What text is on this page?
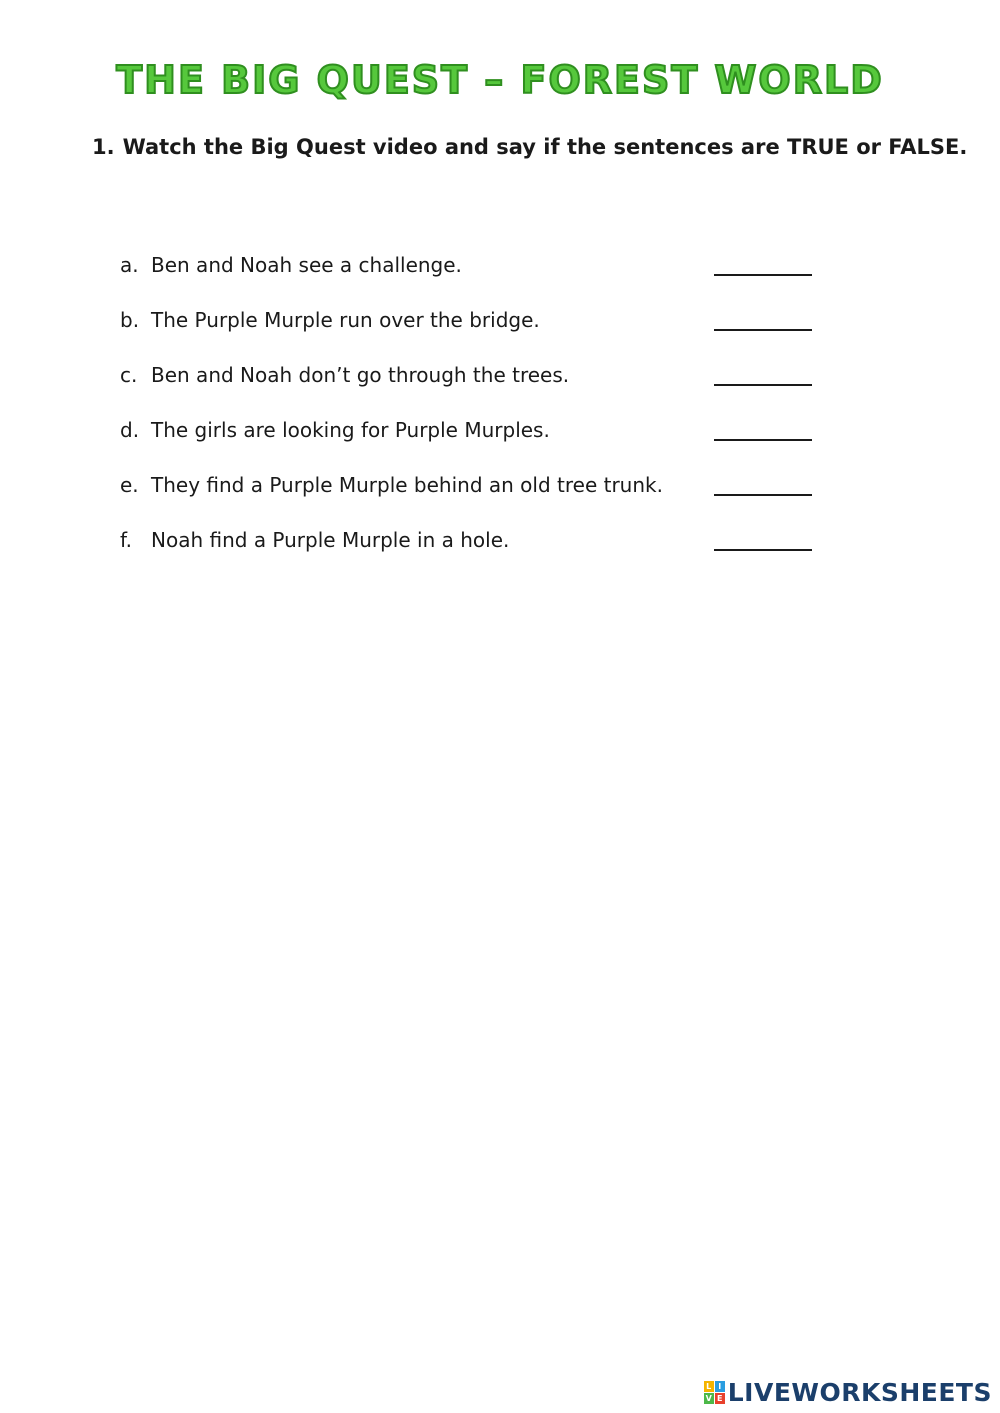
THE BIG QUEST – FOREST WORLD
1. Watch the Big Quest video and say if the sentences are TRUE or FALSE.
a. Ben and Noah see a challenge.
b. The Purple Murple run over the bridge.
c. Ben and Noah don’t go through the trees.
d. The girls are looking for Purple Murples.
e. They find a Purple Murple behind an old tree trunk.
f. Noah find a Purple Murple in a hole.
L I
V E LIVEWORKSHEETS
